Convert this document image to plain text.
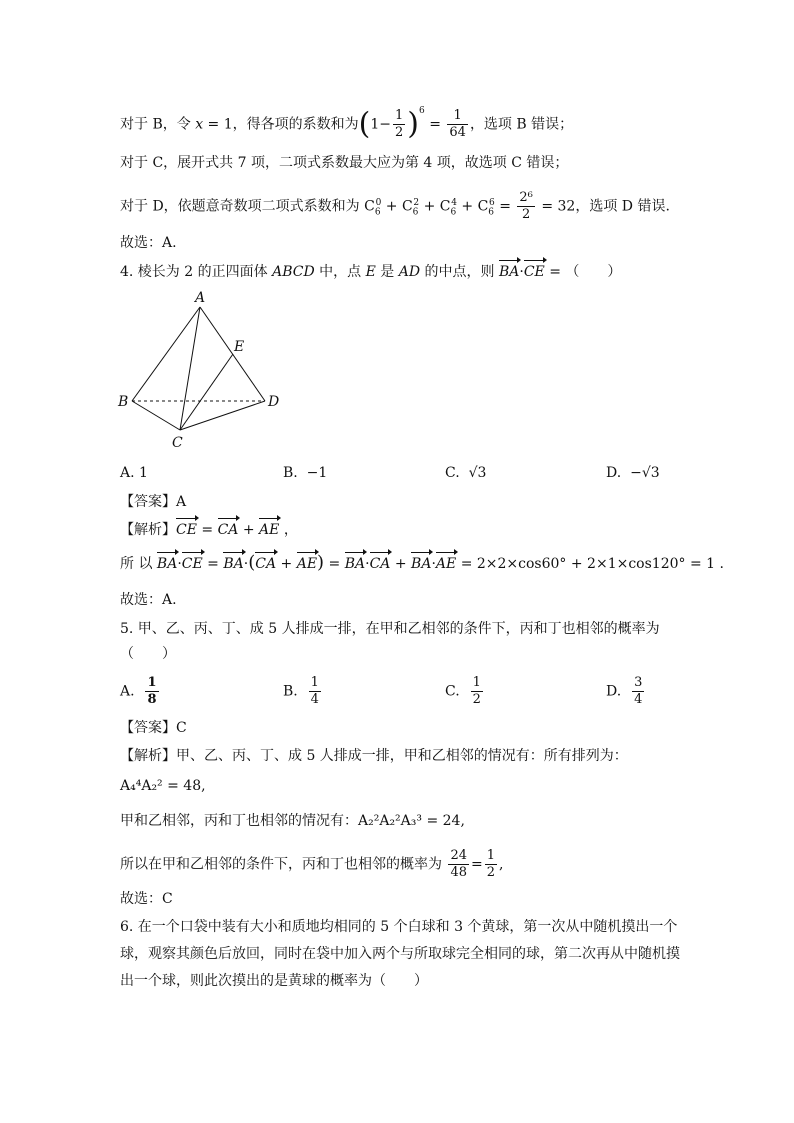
对于 B，令 x = 1，得各项的系数和为$(1- \frac{1}{2} )^6 = \frac{1}{64}$ ，选项 B 错误；
对于 C，展开式共 7 项，二项式系数最大应为第 4 项，故选项 C 错误；
对于 D，依题意奇数项二项式系数和为 $C_6^0 + C_6^2 + C_6^4 + C_6^6 = \frac{\text{2⁶}}{2} = 32$，选项 D 错误.
故选：A.
4. 棱长为 2 的正四面体 ABCD 中，点 E 是 AD 的中点，则 BA·CE = （　　）
A
E
B	D
C
A. 1	B. −1	C. √3	D. −√3
【答案】A
【解析】CE = CA + AE ，
所 以 BA·CE = BA·(CA + AE) = BA·CA + BA·AE = 2×2×cos60° + 2×1×cos120° = 1 .
故选：A.
5. 甲、乙、丙、丁、成 5 人排成一排，在甲和乙相邻的条件下，丙和丁也相邻的概率为
（　　）
A. $\frac{1}{8}$	B. $\frac{1}{4}$	C. $\frac{1}{2}$	D. $\frac{3}{4}$
【答案】C
【解析】甲、乙、丙、丁、成 5 人排成一排，甲和乙相邻的情况有：所有排列为：
A₄⁴A₂² = 48,
甲和乙相邻，丙和丁也相邻的情况有：A₂²A₂²A₃³ = 24,
所以在甲和乙相邻的条件下，丙和丁也相邻的概率为 $\frac{24}{48} = \frac{1}{2}$ ,
故选：C
6. 在一个口袋中装有大小和质地均相同的 5 个白球和 3 个黄球，第一次从中随机摸出一个
球，观察其颜色后放回，同时在袋中加入两个与所取球完全相同的球，第二次再从中随机摸
出一个球，则此次摸出的是黄球的概率为（　　）
